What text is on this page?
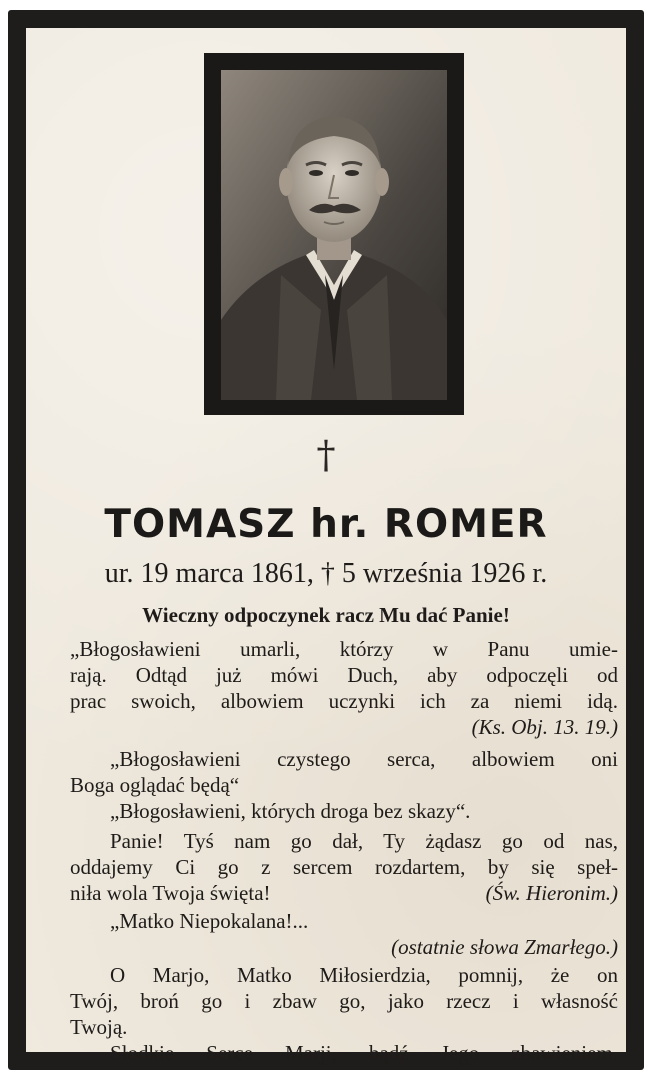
†
TOMASZ hr. ROMER
ur. 19 marca 1861, † 5 września 1926 r.
Wieczny odpoczynek racz Mu dać Panie!
„Błogosławieni umarli, którzy w Panu umie-
rają. Odtąd już mówi Duch, aby odpoczęli od
prac swoich, albowiem uczynki ich za niemi idą.
(Ks. Obj. 13. 19.)
„Błogosławieni czystego serca, albowiem oni
Boga oglądać będą“
„Błogosławieni, których droga bez skazy“.
Panie! Tyś nam go dał, Ty żądasz go od nas,
oddajemy Ci go z sercem rozdartem, by się speł-
niła wola Twoja święta!	(Św. Hieronim.)
„Matko Niepokalana!...
(ostatnie słowa Zmarłego.)
O Marjo, Matko Miłosierdzia, pomnij, że on
Twój, broń go i zbaw go, jako rzecz i własność
Twoją.
Słodkie Serce Marji, bądź Jego zbawieniem.
